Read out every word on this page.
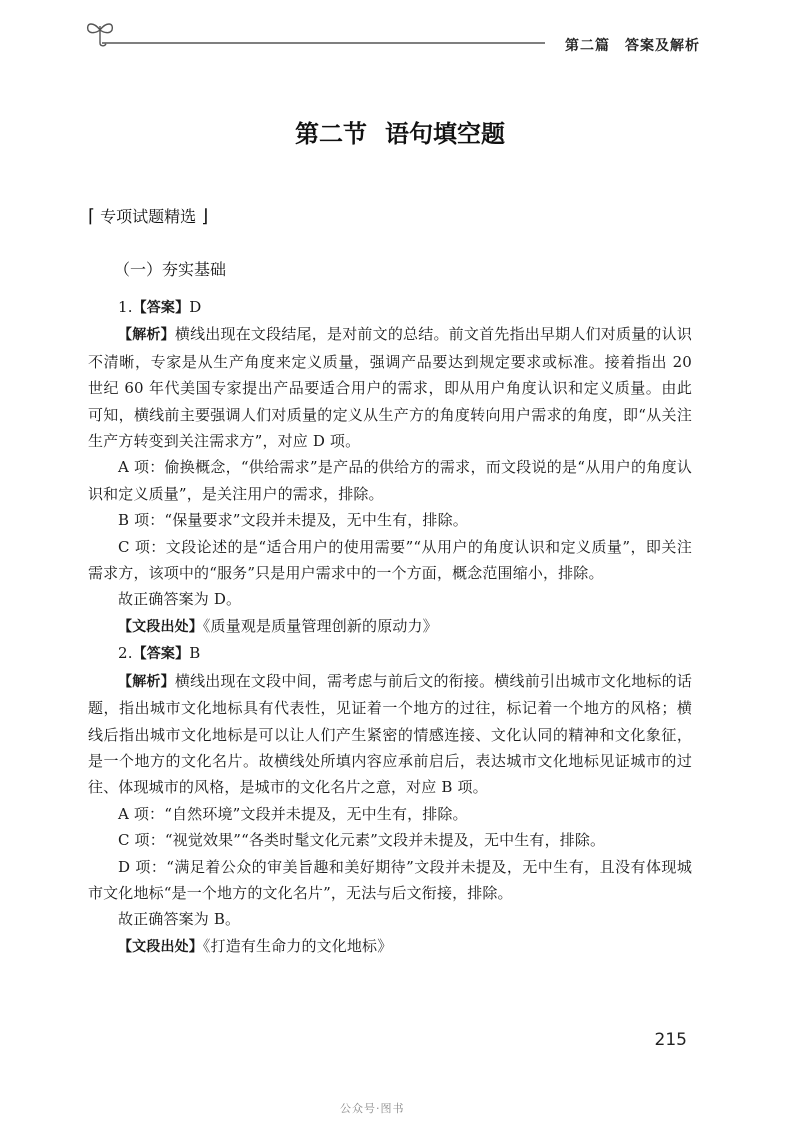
第二篇　答案及解析
第二节 语句填空题
⌈ 专项试题精选 ⌋
（一）夯实基础

1.【答案】D

【解析】横线出现在文段结尾，是对前文的总结。前文首先指出早期人们对质量的认识不清晰，专家是从生产角度来定义质量，强调产品要达到规定要求或标准。接着指出 20 世纪 60 年代美国专家提出产品要适合用户的需求，即从用户角度认识和定义质量。由此可知，横线前主要强调人们对质量的定义从生产方的角度转向用户需求的角度，即“从关注生产方转变到关注需求方”，对应 D 项。

A 项：偷换概念，“供给需求”是产品的供给方的需求，而文段说的是“从用户的角度认识和定义质量”，是关注用户的需求，排除。

B 项：“保量要求”文段并未提及，无中生有，排除。

C 项：文段论述的是“适合用户的使用需要”“从用户的角度认识和定义质量”，即关注需求方，该项中的“服务”只是用户需求中的一个方面，概念范围缩小，排除。

故正确答案为 D。

【文段出处】《质量观是质量管理创新的原动力》

2.【答案】B

【解析】横线出现在文段中间，需考虑与前后文的衔接。横线前引出城市文化地标的话题，指出城市文化地标具有代表性，见证着一个地方的过往，标记着一个地方的风格；横线后指出城市文化地标是可以让人们产生紧密的情感连接、文化认同的精神和文化象征，是一个地方的文化名片。故横线处所填内容应承前启后，表达城市文化地标见证城市的过往、体现城市的风格，是城市的文化名片之意，对应 B 项。

A 项：“自然环境”文段并未提及，无中生有，排除。

C 项：“视觉效果”“各类时髦文化元素”文段并未提及，无中生有，排除。

D 项：“满足着公众的审美旨趣和美好期待”文段并未提及，无中生有，且没有体现城市文化地标“是一个地方的文化名片”，无法与后文衔接，排除。

故正确答案为 B。

【文段出处】《打造有生命力的文化地标》

215
公众号·图书
